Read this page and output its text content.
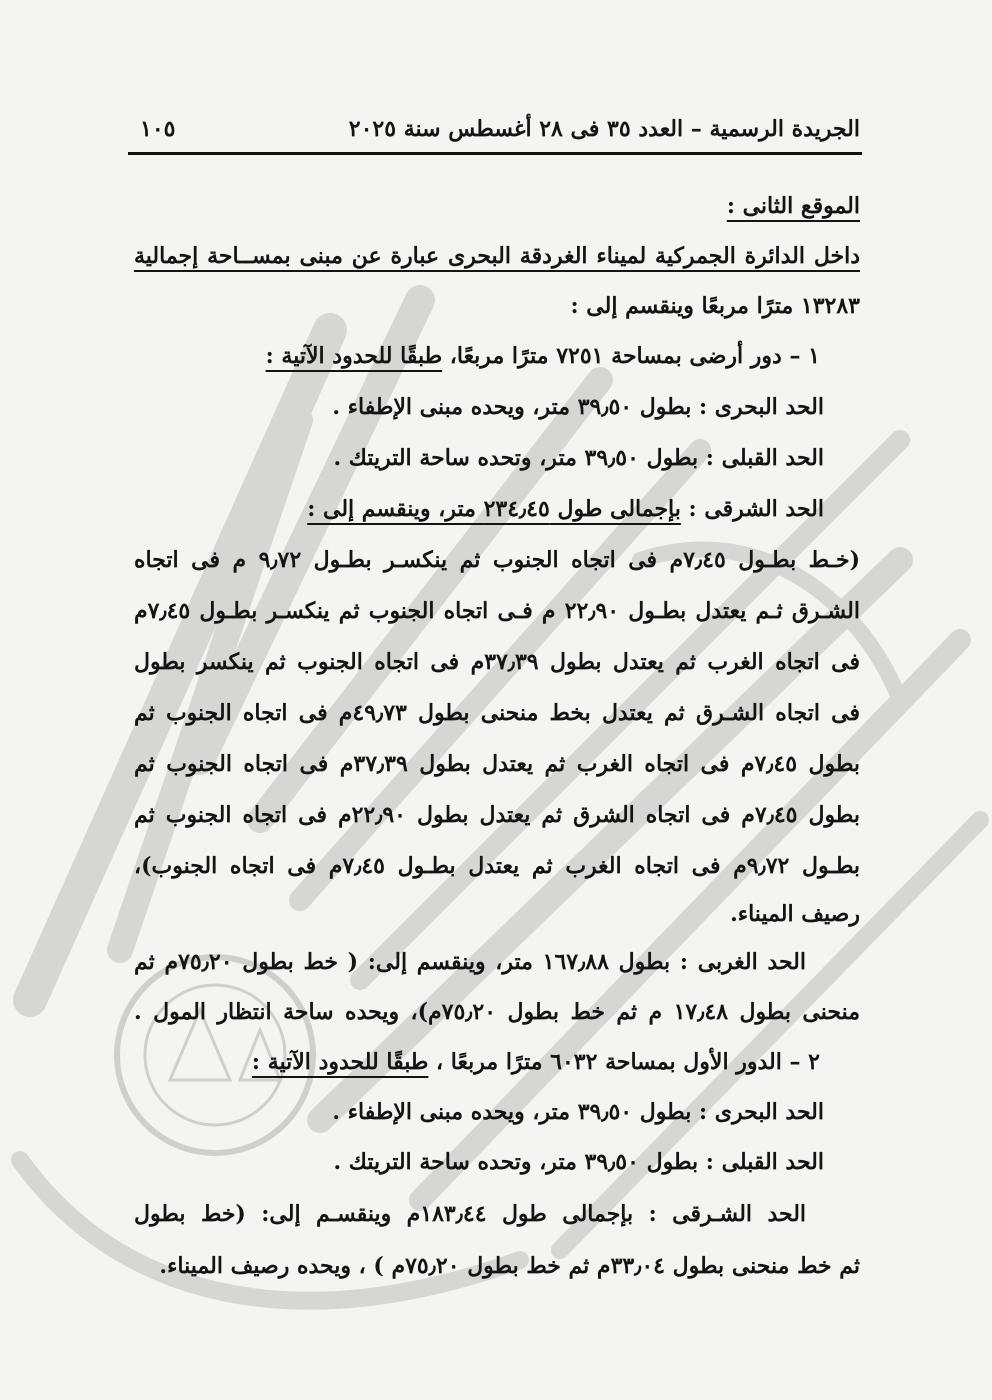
الجريدة الرسمية – العدد ٣٥ فى ٢٨ أغسطس سنة ٢٠٢٥
١٠٥
الموقع الثانى :
داخل الدائرة الجمركية لميناء الغردقة البحرى عبارة عن مبنى بمســاحة إجمالية
١٣٢٨٣ مترًا مربعًا وينقسم إلى :
١ – دور أرضى بمساحة ٧٢٥١ مترًا مربعًا، طبقًا للحدود الآتية :
الحد البحرى : بطول ٣٩٫٥٠ متر، ويحده مبنى الإطفاء .
الحد القبلى : بطول ٣٩٫٥٠ متر، وتحده ساحة التريتك .
الحد الشرقى : بإجمالى طول ٢٣٤٫٤٥ متر، وينقسم إلى :
(خـط بطـول ٧٫٤٥م فى اتجاه الجنوب ثم ينكسـر بطـول ٩٫٧٢ م فى اتجاه
الشـرق ثـم يعتدل بطـول ٢٢٫٩٠ م فـى اتجاه الجنوب ثم ينكسـر بطـول ٧٫٤٥م
فى اتجاه الغرب ثم يعتدل بطول ٣٧٫٣٩م فى اتجاه الجنوب ثم ينكسر بطول
فى اتجاه الشـرق ثم يعتدل بخط منحنى بطول ٤٩٫٧٣م فى اتجاه الجنوب ثم
بطول ٧٫٤٥م فى اتجاه الغرب ثم يعتدل بطول ٣٧٫٣٩م فى اتجاه الجنوب ثم
بطول ٧٫٤٥م فى اتجاه الشرق ثم يعتدل بطول ٢٢٫٩٠م فى اتجاه الجنوب ثم
بطـول ٩٫٧٢م فى اتجاه الغرب ثم يعتدل بطـول ٧٫٤٥م فى اتجاه الجنوب)،
رصيف الميناء.
الحد الغربى : بطول ١٦٧٫٨٨ متر، وينقسم إلى: ( خط بطول ٧٥٫٢٠م ثم
منحنى بطول ١٧٫٤٨ م ثم خط بطول ٧٥٫٢٠م)، ويحده ساحة انتظار المول .
٢ – الدور الأول بمساحة ٦٠٣٢ مترًا مربعًا ، طبقًا للحدود الآتية :
الحد البحرى : بطول ٣٩٫٥٠ متر، ويحده مبنى الإطفاء .
الحد القبلى : بطول ٣٩٫٥٠ متر، وتحده ساحة التريتك .
الحد الشـرقى : بإجمالى طول ١٨٣٫٤٤م وينقسـم إلى: (خط بطول
ثم خط منحنى بطول ٣٣٫٠٤م ثم خط بطول ٧٥٫٢٠م ) ، ويحده رصيف الميناء.
